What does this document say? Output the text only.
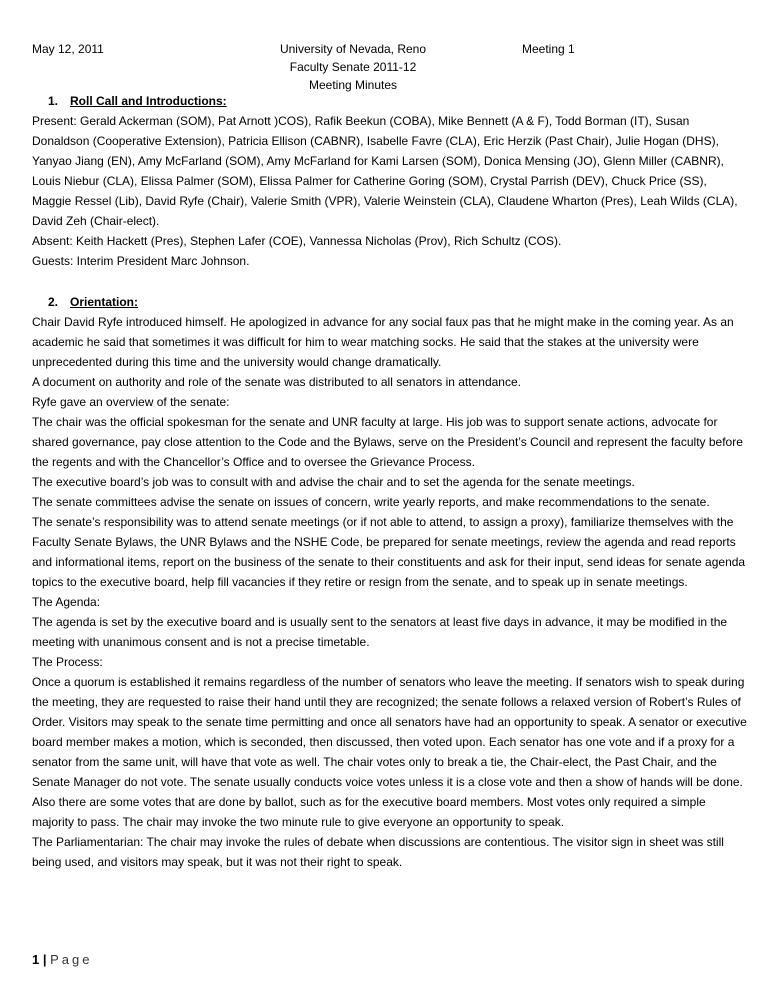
May 12, 2011	University of Nevada, Reno
Faculty Senate 2011-12
Meeting Minutes
Meeting 1

1. Roll Call and Introductions:

Present: Gerald Ackerman (SOM), Pat Arnott )COS), Rafik Beekun (COBA), Mike Bennett (A & F), Todd Borman (IT), Susan Donaldson (Cooperative Extension), Patricia Ellison (CABNR), Isabelle Favre (CLA), Eric Herzik (Past Chair), Julie Hogan (DHS), Yanyao Jiang (EN), Amy McFarland (SOM), Amy McFarland for Kami Larsen (SOM), Donica Mensing (JO), Glenn Miller (CABNR), Louis Niebur (CLA), Elissa Palmer (SOM), Elissa Palmer for Catherine Goring (SOM), Crystal Parrish (DEV), Chuck Price (SS), Maggie Ressel (Lib), David Ryfe (Chair), Valerie Smith (VPR), Valerie Weinstein (CLA), Claudene Wharton (Pres), Leah Wilds (CLA), David Zeh (Chair-elect).

Absent: Keith Hackett (Pres), Stephen Lafer (COE), Vannessa Nicholas (Prov), Rich Schultz (COS).

Guests: Interim President Marc Johnson.

2. Orientation:

Chair David Ryfe introduced himself. He apologized in advance for any social faux pas that he might make in the coming year. As an academic he said that sometimes it was difficult for him to wear matching socks. He said that the stakes at the university were unprecedented during this time and the university would change dramatically.

A document on authority and role of the senate was distributed to all senators in attendance.

Ryfe gave an overview of the senate:

The chair was the official spokesman for the senate and UNR faculty at large. His job was to support senate actions, advocate for shared governance, pay close attention to the Code and the Bylaws, serve on the President’s Council and represent the faculty before the regents and with the Chancellor’s Office and to oversee the Grievance Process.

The executive board’s job was to consult with and advise the chair and to set the agenda for the senate meetings.

The senate committees advise the senate on issues of concern, write yearly reports, and make recommendations to the senate.

The senate’s responsibility was to attend senate meetings (or if not able to attend, to assign a proxy), familiarize themselves with the Faculty Senate Bylaws, the UNR Bylaws and the NSHE Code, be prepared for senate meetings, review the agenda and read reports and informational items, report on the business of the senate to their constituents and ask for their input, send ideas for senate agenda topics to the executive board, help fill vacancies if they retire or resign from the senate, and to speak up in senate meetings.

The Agenda:

The agenda is set by the executive board and is usually sent to the senators at least five days in advance, it may be modified in the meeting with unanimous consent and is not a precise timetable.

The Process:

Once a quorum is established it remains regardless of the number of senators who leave the meeting. If senators wish to speak during the meeting, they are requested to raise their hand until they are recognized; the senate follows a relaxed version of Robert’s Rules of Order. Visitors may speak to the senate time permitting and once all senators have had an opportunity to speak. A senator or executive board member makes a motion, which is seconded, then discussed, then voted upon. Each senator has one vote and if a proxy for a senator from the same unit, will have that vote as well. The chair votes only to break a tie, the Chair-elect, the Past Chair, and the Senate Manager do not vote. The senate usually conducts voice votes unless it is a close vote and then a show of hands will be done. Also there are some votes that are done by ballot, such as for the executive board members. Most votes only required a simple majority to pass. The chair may invoke the two minute rule to give everyone an opportunity to speak.

The Parliamentarian: The chair may invoke the rules of debate when discussions are contentious. The visitor sign in sheet was still being used, and visitors may speak, but it was not their right to speak.

1 | Page
